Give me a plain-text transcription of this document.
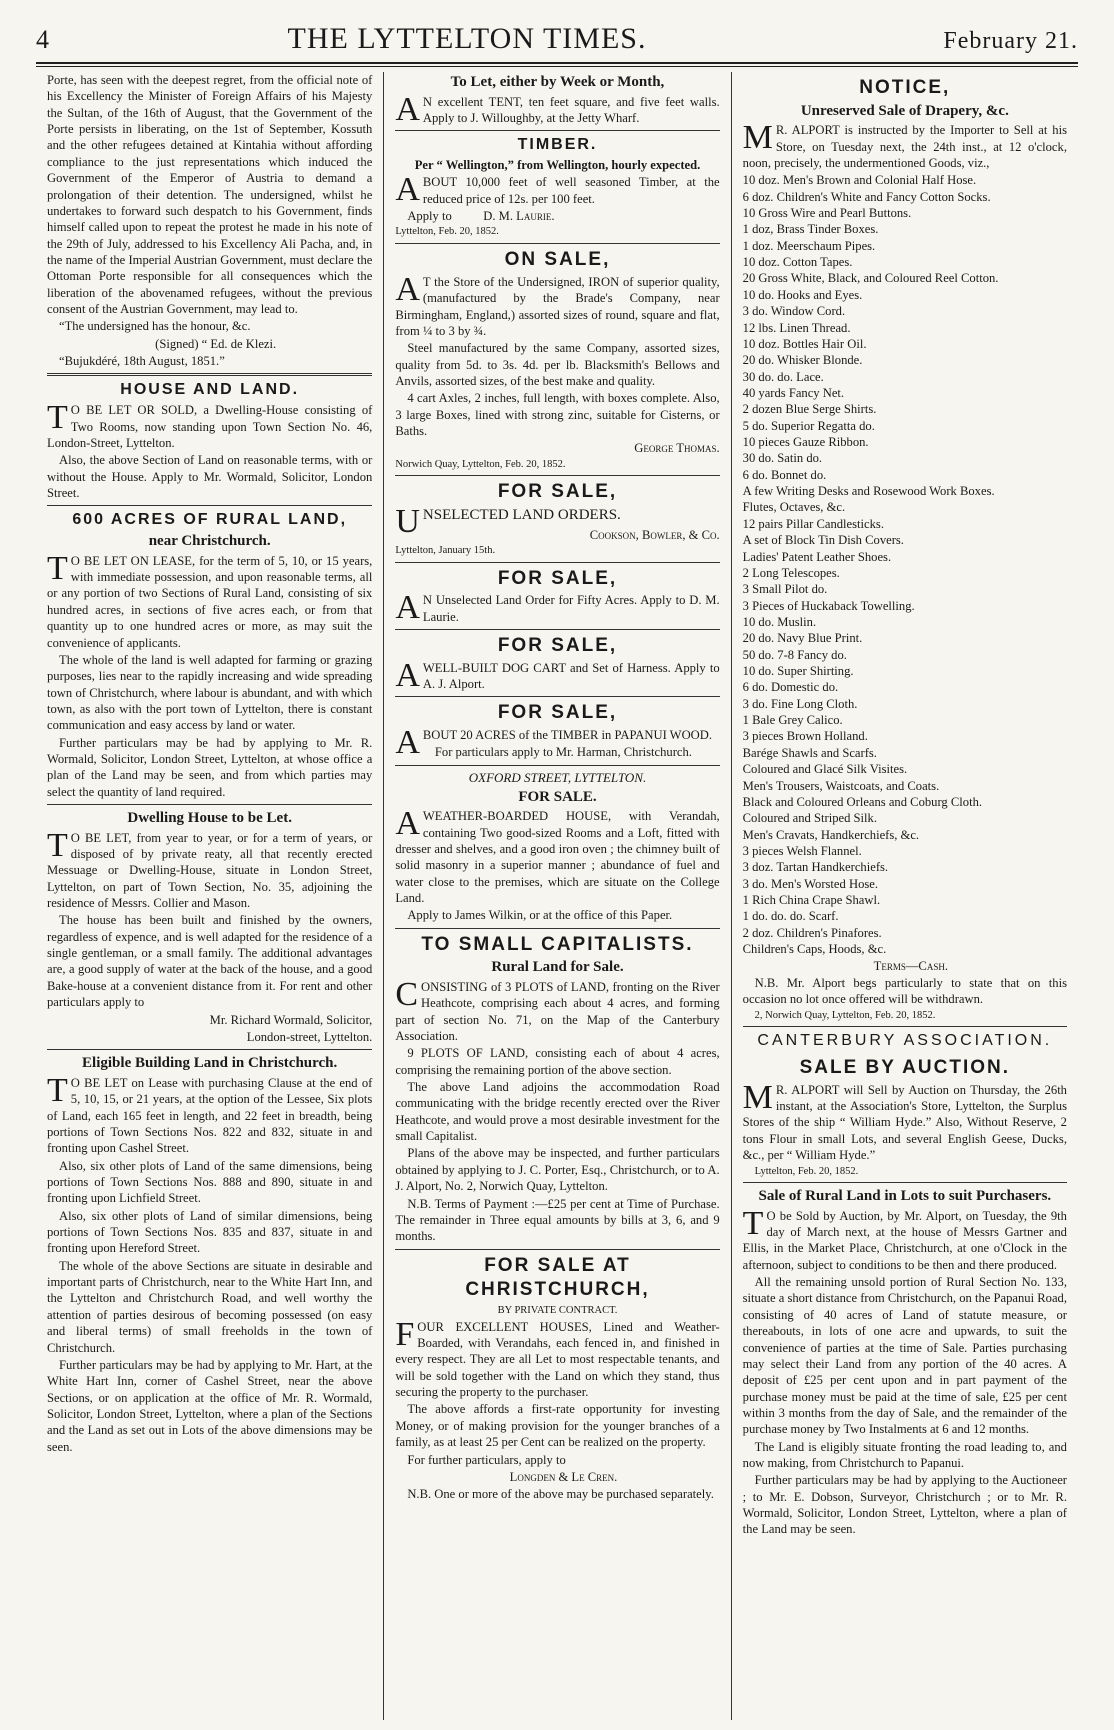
4	THE LYTTELTON TIMES.	February 21.

Porte, has seen with the deepest regret, from the official note of his Excellency the Minister of Foreign Affairs of his Majesty the Sultan, of the 16th of August, that the Government of the Porte persists in liberating, on the 1st of September, Kossuth and the other refugees detained at Kintahia without affording compliance to the just representations which induced the Government of the Emperor of Austria to demand a prolongation of their detention. The undersigned, whilst he undertakes to forward such despatch to his Government, finds himself called upon to repeat the protest he made in his note of the 29th of July, addressed to his Excellency Ali Pacha, and, in the name of the Imperial Austrian Government, must declare the Ottoman Porte responsible for all consequences which the liberation of the abovenamed refugees, without the previous consent of the Austrian Government, may lead to.

“The undersigned has the honour, &c.

(Signed) “ Ed. de Klezi.

“Bujukdéré, 18th August, 1851.”

HOUSE AND LAND.

TO BE LET OR SOLD, a Dwelling-House consisting of Two Rooms, now standing upon Town Section No. 46, London-Street, Lyttelton.

Also, the above Section of Land on reasonable terms, with or without the House. Apply to Mr. Wormald, Solicitor, London Street.

600 ACRES OF RURAL LAND,
near Christchurch.

TO BE LET ON LEASE, for the term of 5, 10, or 15 years, with immediate possession, and upon reasonable terms, all or any portion of two Sections of Rural Land, consisting of six hundred acres, in sections of five acres each, or from that quantity up to one hundred acres or more, as may suit the convenience of applicants.

The whole of the land is well adapted for farming or grazing purposes, lies near to the rapidly increasing and wide spreading town of Christchurch, where labour is abundant, and with which town, as also with the port town of Lyttelton, there is constant communication and easy access by land or water.

Further particulars may be had by applying to Mr. R. Wormald, Solicitor, London Street, Lyttelton, at whose office a plan of the Land may be seen, and from which parties may select the quantity of land required.

Dwelling House to be Let.

TO BE LET, from year to year, or for a term of years, or disposed of by private reaty, all that recently erected Messuage or Dwelling-House, situate in London Street, Lyttelton, on part of Town Section, No. 35, adjoining the residence of Messrs. Collier and Mason.

The house has been built and finished by the owners, regardless of expence, and is well adapted for the residence of a single gentleman, or a small family. The additional advantages are, a good supply of water at the back of the house, and a good Bake-house at a convenient distance from it. For rent and other particulars apply to

Mr. Richard Wormald, Solicitor,

London-street, Lyttelton.

Eligible Building Land in Christchurch.

TO BE LET on Lease with purchasing Clause at the end of 5, 10, 15, or 21 years, at the option of the Lessee, Six plots of Land, each 165 feet in length, and 22 feet in breadth, being portions of Town Sections Nos. 822 and 832, situate in and fronting upon Cashel Street.

Also, six other plots of Land of the same dimensions, being portions of Town Sections Nos. 888 and 890, situate in and fronting upon Lichfield Street.

Also, six other plots of Land of similar dimensions, being portions of Town Sections Nos. 835 and 837, situate in and fronting upon Hereford Street.

The whole of the above Sections are situate in desirable and important parts of Christchurch, near to the White Hart Inn, and the Lyttelton and Christchurch Road, and well worthy the attention of parties desirous of becoming possessed (on easy and liberal terms) of small freeholds in the town of Christchurch.

Further particulars may be had by applying to Mr. Hart, at the White Hart Inn, corner of Cashel Street, near the above Sections, or on application at the office of Mr. R. Wormald, Solicitor, London Street, Lyttelton, where a plan of the Sections and the Land as set out in Lots of the above dimensions may be seen.

To Let, either by Week or Month,

AN excellent TENT, ten feet square, and five feet walls. Apply to J. Willoughby, at the Jetty Wharf.

TIMBER.
Per “ Wellington,” from Wellington, hourly expected.

ABOUT 10,000 feet of well seasoned Timber, at the reduced price of 12s. per 100 feet.

Apply to D. M. Laurie.

Lyttelton, Feb. 20, 1852.

ON SALE,

AT the Store of the Undersigned, IRON of superior quality, (manufactured by the Brade's Company, near Birmingham, England,) assorted sizes of round, square and flat, from ¼ to 3 by ¾.

Steel manufactured by the same Company, assorted sizes, quality from 5d. to 3s. 4d. per lb. Blacksmith's Bellows and Anvils, assorted sizes, of the best make and quality.

4 cart Axles, 2 inches, full length, with boxes complete. Also, 3 large Boxes, lined with strong zinc, suitable for Cisterns, or Baths.

George Thomas.

Norwich Quay, Lyttelton, Feb. 20, 1852.

FOR SALE,

UNSELECTED LAND ORDERS.

Cookson, Bowler, & Co.

Lyttelton, January 15th.

FOR SALE,

AN Unselected Land Order for Fifty Acres. Apply to D. M. Laurie.

FOR SALE,

AWELL-BUILT DOG CART and Set of Harness. Apply to A. J. Alport.

FOR SALE,

ABOUT 20 ACRES of the TIMBER in PAPANUI WOOD.

For particulars apply to Mr. Harman, Christchurch.

OXFORD STREET, LYTTELTON.
FOR SALE.

AWEATHER-BOARDED HOUSE, with Verandah, containing Two good-sized Rooms and a Loft, fitted with dresser and shelves, and a good iron oven ; the chimney built of solid masonry in a superior manner ; abundance of fuel and water close to the premises, which are situate on the College Land.

Apply to James Wilkin, or at the office of this Paper.

TO SMALL CAPITALISTS.
Rural Land for Sale.

CONSISTING of 3 PLOTS of LAND, fronting on the River Heathcote, comprising each about 4 acres, and forming part of section No. 71, on the Map of the Canterbury Association.

9 PLOTS OF LAND, consisting each of about 4 acres, comprising the remaining portion of the above section.

The above Land adjoins the accommodation Road communicating with the bridge recently erected over the River Heathcote, and would prove a most desirable investment for the small Capitalist.

Plans of the above may be inspected, and further particulars obtained by applying to J. C. Porter, Esq., Christchurch, or to A. J. Alport, No. 2, Norwich Quay, Lyttelton.

N.B. Terms of Payment :—£25 per cent at Time of Purchase. The remainder in Three equal amounts by bills at 3, 6, and 9 months.

FOR SALE AT CHRISTCHURCH,
BY PRIVATE CONTRACT.

FOUR EXCELLENT HOUSES, Lined and Weather-Boarded, with Verandahs, each fenced in, and finished in every respect. They are all Let to most respectable tenants, and will be sold together with the Land on which they stand, thus securing the property to the purchaser.

The above affords a first-rate opportunity for investing Money, or of making provision for the younger branches of a family, as at least 25 per Cent can be realized on the property.

For further particulars, apply to

Longden & Le Cren.

N.B. One or more of the above may be purchased separately.

NOTICE,
Unreserved Sale of Drapery, &c.

MR. ALPORT is instructed by the Importer to Sell at his Store, on Tuesday next, the 24th inst., at 12 o'clock, noon, precisely, the undermentioned Goods, viz.,

10 doz. Men's Brown and Colonial Half Hose.
6 doz. Children's White and Fancy Cotton Socks.
10 Gross Wire and Pearl Buttons.
1 doz, Brass Tinder Boxes.
1 doz. Meerschaum Pipes.
10 doz. Cotton Tapes.
20 Gross White, Black, and Coloured Reel Cotton.
10 do. Hooks and Eyes.
3 do. Window Cord.
12 lbs. Linen Thread.
10 doz. Bottles Hair Oil.
20 do. Whisker Blonde.
30 do. do. Lace.
40 yards Fancy Net.
2 dozen Blue Serge Shirts.
5 do. Superior Regatta do.
10 pieces Gauze Ribbon.
30 do. Satin do.
6 do. Bonnet do.
A few Writing Desks and Rosewood Work Boxes.
Flutes, Octaves, &c.
12 pairs Pillar Candlesticks.
A set of Block Tin Dish Covers.
Ladies' Patent Leather Shoes.
2 Long Telescopes.
3 Small Pilot do.
3 Pieces of Huckaback Towelling.
10 do. Muslin.
20 do. Navy Blue Print.
50 do. 7-8 Fancy do.
10 do. Super Shirting.
6 do. Domestic do.
3 do. Fine Long Cloth.
1 Bale Grey Calico.
3 pieces Brown Holland.
Barége Shawls and Scarfs.
Coloured and Glacé Silk Visites.
Men's Trousers, Waistcoats, and Coats.
Black and Coloured Orleans and Coburg Cloth.
Coloured and Striped Silk.
Men's Cravats, Handkerchiefs, &c.
3 pieces Welsh Flannel.
3 doz. Tartan Handkerchiefs.
3 do. Men's Worsted Hose.
1 Rich China Crape Shawl.
1 do. do. do. Scarf.
2 doz. Children's Pinafores.
Children's Caps, Hoods, &c.

Terms—Cash.

N.B. Mr. Alport begs particularly to state that on this occasion no lot once offered will be withdrawn.

2, Norwich Quay, Lyttelton, Feb. 20, 1852.

CANTERBURY ASSOCIATION.
SALE BY AUCTION.

MR. ALPORT will Sell by Auction on Thursday, the 26th instant, at the Association's Store, Lyttelton, the Surplus Stores of the ship “ William Hyde.” Also, Without Reserve, 2 tons Flour in small Lots, and several English Geese, Ducks, &c., per “ William Hyde.”

Lyttelton, Feb. 20, 1852.

Sale of Rural Land in Lots to suit Purchasers.

TO be Sold by Auction, by Mr. Alport, on Tuesday, the 9th day of March next, at the house of Messrs Gartner and Ellis, in the Market Place, Christchurch, at one o'Clock in the afternoon, subject to conditions to be then and there produced.

All the remaining unsold portion of Rural Section No. 133, situate a short distance from Christchurch, on the Papanui Road, consisting of 40 acres of Land of statute measure, or thereabouts, in lots of one acre and upwards, to suit the convenience of parties at the time of Sale. Parties purchasing may select their Land from any portion of the 40 acres. A deposit of £25 per cent upon and in part payment of the purchase money must be paid at the time of sale, £25 per cent within 3 months from the day of Sale, and the remainder of the purchase money by Two Instalments at 6 and 12 months.

The Land is eligibly situate fronting the road leading to, and now making, from Christchurch to Papanui.

Further particulars may be had by applying to the Auctioneer ; to Mr. E. Dobson, Surveyor, Christchurch ; or to Mr. R. Wormald, Solicitor, London Street, Lyttelton, where a plan of the Land may be seen.
